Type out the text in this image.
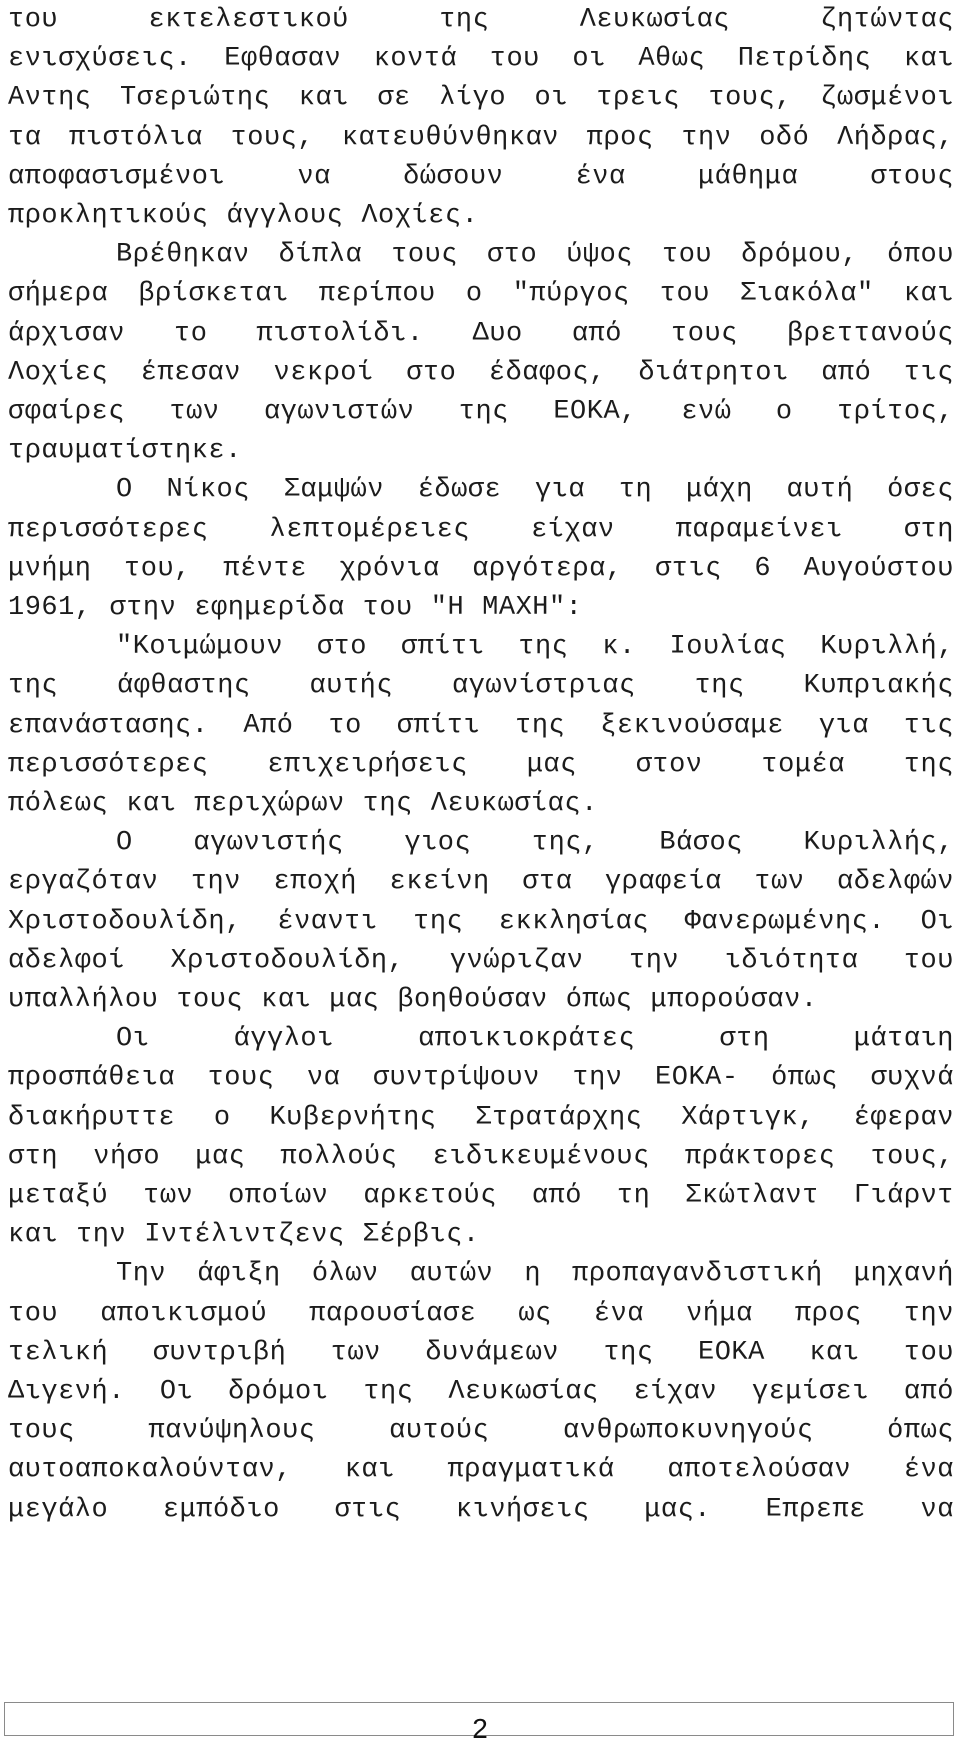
του	εκτελεστικού	της	Λευκωσίας	ζητώντας
ενισχύσεις. Εφθασαν κοντά του οι Αθως Πετρίδης και
Αντης Τσεριώτης και σε λίγο οι τρεις τους, ζωσμένοι
τα πιστόλια τους, κατευθύνθηκαν προς την οδό Λήδρας,
αποφασισμένοι	να	δώσουν	ένα	μάθημα	στους
προκλητικούς άγγλους Λοχίες.
Βρέθηκαν δίπλα τους στο ύψος του δρόμου, όπου
σήμερα βρίσκεται περίπου ο "πύργος του Σιακόλα" και
άρχισαν το πιστολίδι. Δυο από τους βρεττανούς
Λοχίες έπεσαν νεκροί στο έδαφος, διάτρητοι από τις
σφαίρες των αγωνιστών της ΕΟΚΑ, ενώ ο τρίτος,
τραυματίστηκε.
Ο Νίκος Σαμψών έδωσε για τη μάχη αυτή όσες
περισσότερες λεπτομέρειες είχαν παραμείνει στη
μνήμη του, πέντε χρόνια αργότερα, στις 6 Αυγούστου
1961, στην εφημερίδα του "Η ΜΑΧΗ":
"Κοιμώμουν στο σπίτι της κ. Ιουλίας Κυριλλή,
της άφθαστης αυτής αγωνίστριας της Κυπριακής
επανάστασης. Από το σπίτι της ξεκινούσαμε για τις
περισσότερες επιχειρήσεις μας στον τομέα της
πόλεως και περιχώρων της Λευκωσίας.
Ο αγωνιστής γιος της, Βάσος Κυριλλής,
εργαζόταν την εποχή εκείνη στα γραφεία των αδελφών
Χριστοδουλίδη, έναντι της εκκλησίας Φανερωμένης. Οι
αδελφοί Χριστοδουλίδη, γνώριζαν την ιδιότητα του
υπαλλήλου τους και μας βοηθούσαν όπως μπορούσαν.
Οι	άγγλοι	αποικιοκράτες	στη	μάταιη
προσπάθεια τους να συντρίψουν την ΕΟΚΑ- όπως συχνά
διακήρυττε ο Κυβερνήτης Στρατάρχης Χάρτιγκ, έφεραν
στη νήσο μας πολλούς ειδικευμένους πράκτορες τους,
μεταξύ των οποίων αρκετούς από τη Σκώτλαντ Γιάρντ
και την Ιντέλιντζενς Σέρβις.
Την άφιξη όλων αυτών η προπαγανδιστική μηχανή
του αποικισμού παρουσίασε ως ένα νήμα προς την
τελική συντριβή των δυνάμεων της ΕΟΚΑ και του
Διγενή. Οι δρόμοι της Λευκωσίας είχαν γεμίσει από
τους	πανύψηλους	αυτούς	ανθρωποκυνηγούς	όπως
αυτοαποκαλούνταν, και πραγματικά αποτελούσαν ένα
μεγάλο εμπόδιο στις κινήσεις μας. Επρεπε να
2
